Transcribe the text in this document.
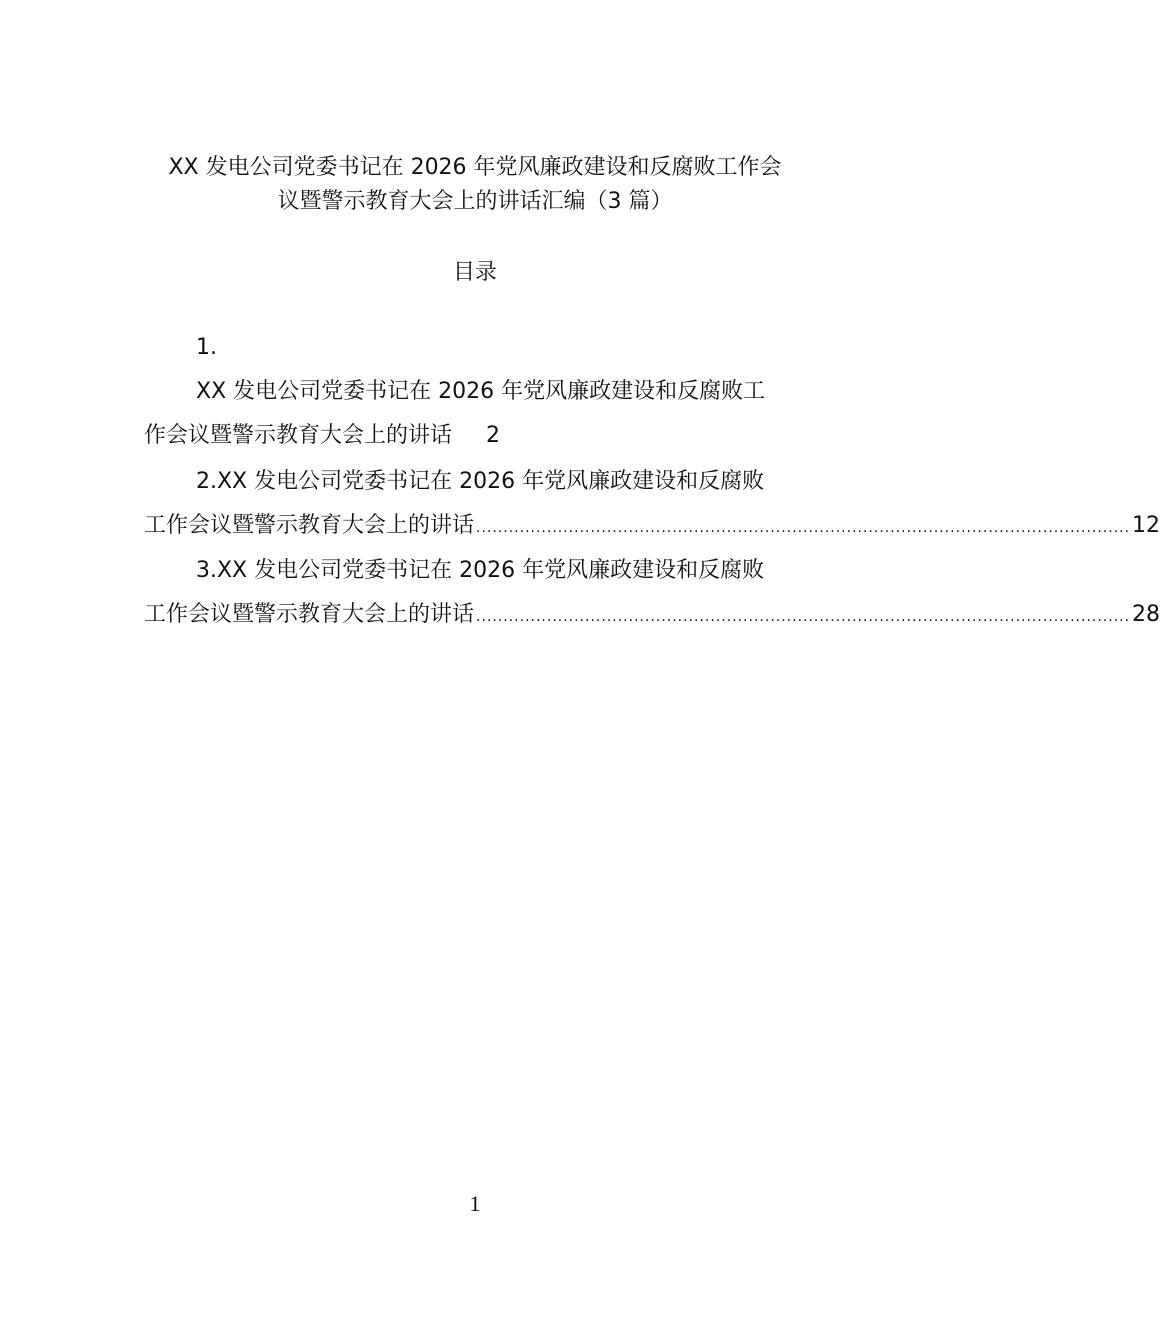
XX 发电公司党委书记在 2026 年党风廉政建设和反腐败工作会
议暨警示教育大会上的讲话汇编（3 篇）
目录
1.
XX 发电公司党委书记在 2026 年党风廉政建设和反腐败工
作会议暨警示教育大会上的讲话 2
2.XX 发电公司党委书记在 2026 年党风廉政建设和反腐败
工作会议暨警示教育大会上的讲话 ........................................................................................................................ 12
3.XX 发电公司党委书记在 2026 年党风廉政建设和反腐败
工作会议暨警示教育大会上的讲话 ........................................................................................................................ 28
1
